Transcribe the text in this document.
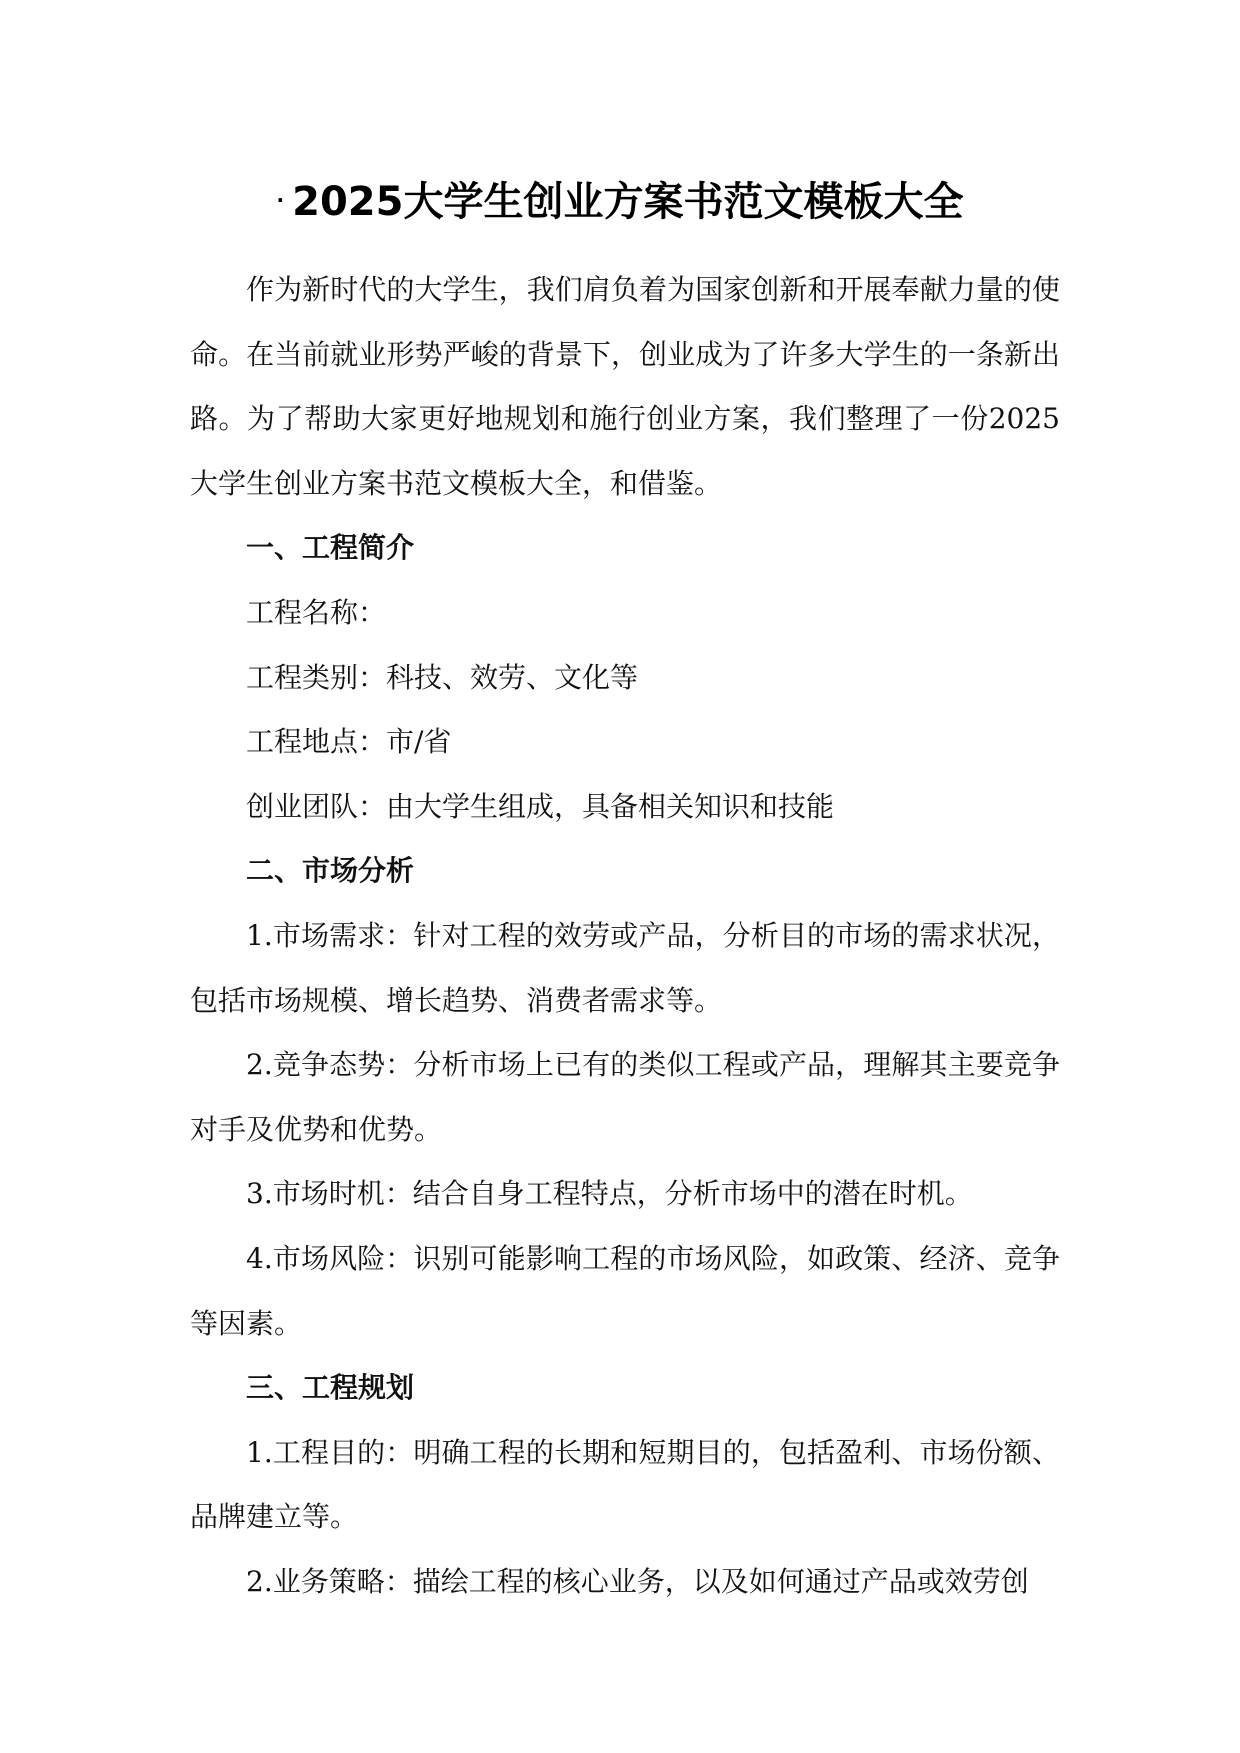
· 2025大学生创业方案书范文模板大全

作为新时代的大学生，我们肩负着为国家创新和开展奉献力量的使命。在当前就业形势严峻的背景下，创业成为了许多大学生的一条新出路。为了帮助大家更好地规划和施行创业方案，我们整理了一份2025大学生创业方案书范文模板大全，和借鉴。

一、工程简介

工程名称：

工程类别：科技、效劳、文化等

工程地点：市/省

创业团队：由大学生组成，具备相关知识和技能

二、市场分析

1.市场需求：针对工程的效劳或产品，分析目的市场的需求状况，包括市场规模、增长趋势、消费者需求等。

2.竞争态势：分析市场上已有的类似工程或产品，理解其主要竞争对手及优势和优势。

3.市场时机：结合自身工程特点，分析市场中的潜在时机。

4.市场风险：识别可能影响工程的市场风险，如政策、经济、竞争等因素。

三、工程规划

1.工程目的：明确工程的长期和短期目的，包括盈利、市场份额、品牌建立等。

2.业务策略：描绘工程的核心业务，以及如何通过产品或效劳创
